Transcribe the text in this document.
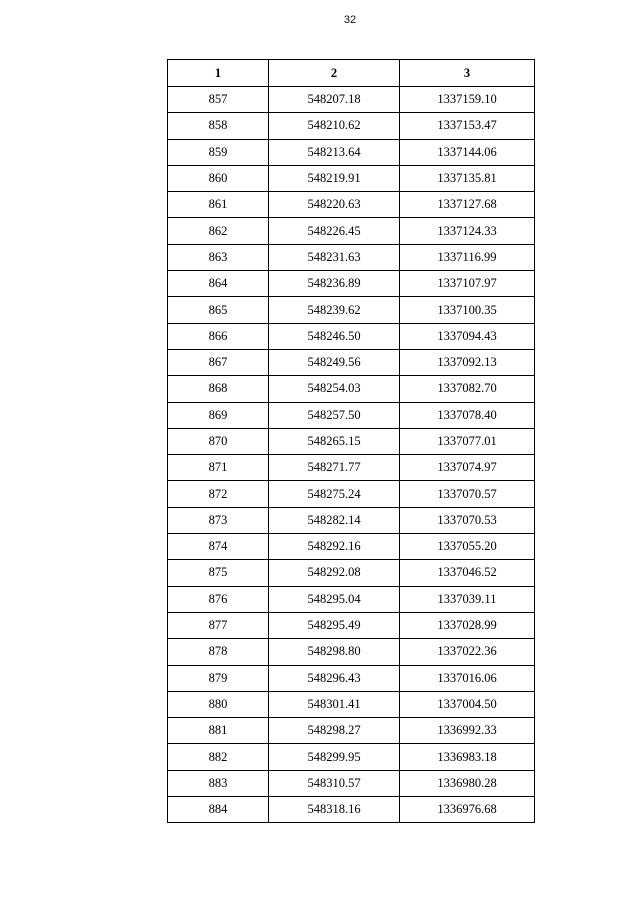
32
1	2	3
857	548207.18	1337159.10
858	548210.62	1337153.47
859	548213.64	1337144.06
860	548219.91	1337135.81
861	548220.63	1337127.68
862	548226.45	1337124.33
863	548231.63	1337116.99
864	548236.89	1337107.97
865	548239.62	1337100.35
866	548246.50	1337094.43
867	548249.56	1337092.13
868	548254.03	1337082.70
869	548257.50	1337078.40
870	548265.15	1337077.01
871	548271.77	1337074.97
872	548275.24	1337070.57
873	548282.14	1337070.53
874	548292.16	1337055.20
875	548292.08	1337046.52
876	548295.04	1337039.11
877	548295.49	1337028.99
878	548298.80	1337022.36
879	548296.43	1337016.06
880	548301.41	1337004.50
881	548298.27	1336992.33
882	548299.95	1336983.18
883	548310.57	1336980.28
884	548318.16	1336976.68
